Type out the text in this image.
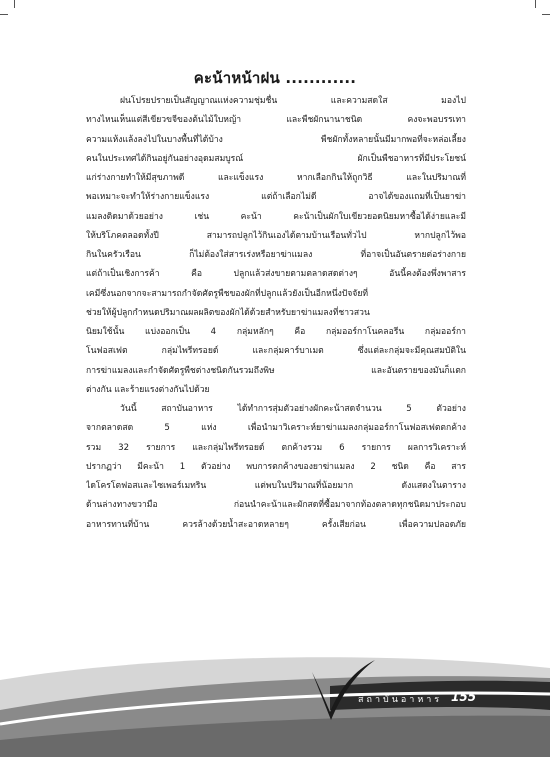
คะน้าหน้าฝน ............
ฝนโปรยปรายเป็นสัญญาณแห่งความชุ่มชื่น และความสดใส มองไป
ทางไหนเห็นแต่สีเขียวขจีของต้นไม้ใบหญ้า และพืชผักนานาชนิด คงจะพอบรรเทา
ความแห้งแล้งลงไปในบางพื้นที่ได้บ้าง พืชผักทั้งหลายนั้นมีมากพอที่จะหล่อเลี้ยง
คนในประเทศได้กินอยู่กันอย่างอุดมสมบูรณ์ ผักเป็นพืชอาหารที่มีประโยชน์
แก่ร่างกายทำให้มีสุขภาพดี และแข็งแรง หากเลือกกินให้ถูกวิธี และในปริมาณที่
พอเหมาะจะทำให้ร่างกายแข็งแรง แต่ถ้าเลือกไม่ดี อาจได้ของแถมที่เป็นยาฆ่า
แมลงติดมาด้วยอย่าง เช่น คะน้า คะน้าเป็นผักใบเขียวยอดนิยมหาซื้อได้ง่ายและมี
ให้บริโภคตลอดทั้งปี สามารถปลูกไว้กินเองได้ตามบ้านเรือนทั่วไป หากปลูกไว้พอ
กินในครัวเรือน ก็ไม่ต้องใส่สารเร่งหรือยาฆ่าแมลง ที่อาจเป็นอันตรายต่อร่างกาย
แต่ถ้าเป็นเชิงการค้า คือ ปลูกแล้วส่งขายตามตลาดสดต่างๆ อันนี้คงต้องพึ่งพาสาร
เคมีซึ่งนอกจากจะสามารถกำจัดศัตรูพืชของผักที่ปลูกแล้วยังเป็นอีกหนึ่งปัจจัยที่
ช่วยให้ผู้ปลูกกำหนดปริมาณผลผลิตของผักได้ด้วยสำหรับยาฆ่าแมลงที่ชาวสวน
นิยมใช้นั้น แบ่งออกเป็น 4 กลุ่มหลักๆ คือ กลุ่มออร์กาโนคลอรีน กลุ่มออร์กา
โนฟอสเฟต กลุ่มไพรีทรอยด์ และกลุ่มคาร์บาเมต ซึ่งแต่ละกลุ่มจะมีคุณสมบัติใน
การฆ่าแมลงและกำจัดศัตรูพืชต่างชนิดกันรวมถึงพิษ และอันตรายของมันก็แตก
ต่างกัน และร้ายแรงต่างกันไปด้วย
วันนี้ สถาบันอาหาร ได้ทำการสุ่มตัวอย่างผักคะน้าสดจำนวน 5 ตัวอย่าง
จากตลาดสด 5 แห่ง เพื่อนำมาวิเคราะห์ยาฆ่าแมลงกลุ่มออร์กาโนฟอสเฟตตกค้าง
รวม 32 รายการ และกลุ่มไพรีทรอยด์ ตกค้างรวม 6 รายการ ผลการวิเคราะห์
ปรากฏว่า มีคะน้า 1 ตัวอย่าง พบการตกค้างของยาฆ่าแมลง 2 ชนิด คือ สาร
ไดโครโตฟอสและไซเพอร์เมทริน แต่พบในปริมาณที่น้อยมาก ดังแสดงในตาราง
ด้านล่างทางขวามือ ก่อนนำคะน้าและผักสดที่ซื้อมาจากท้องตลาดทุกชนิดมาประกอบ
อาหารทานที่บ้าน ควรล้างด้วยน้ำสะอาดหลายๆ ครั้งเสียก่อน เพื่อความปลอดภัย
สถาบันอาหาร 155
